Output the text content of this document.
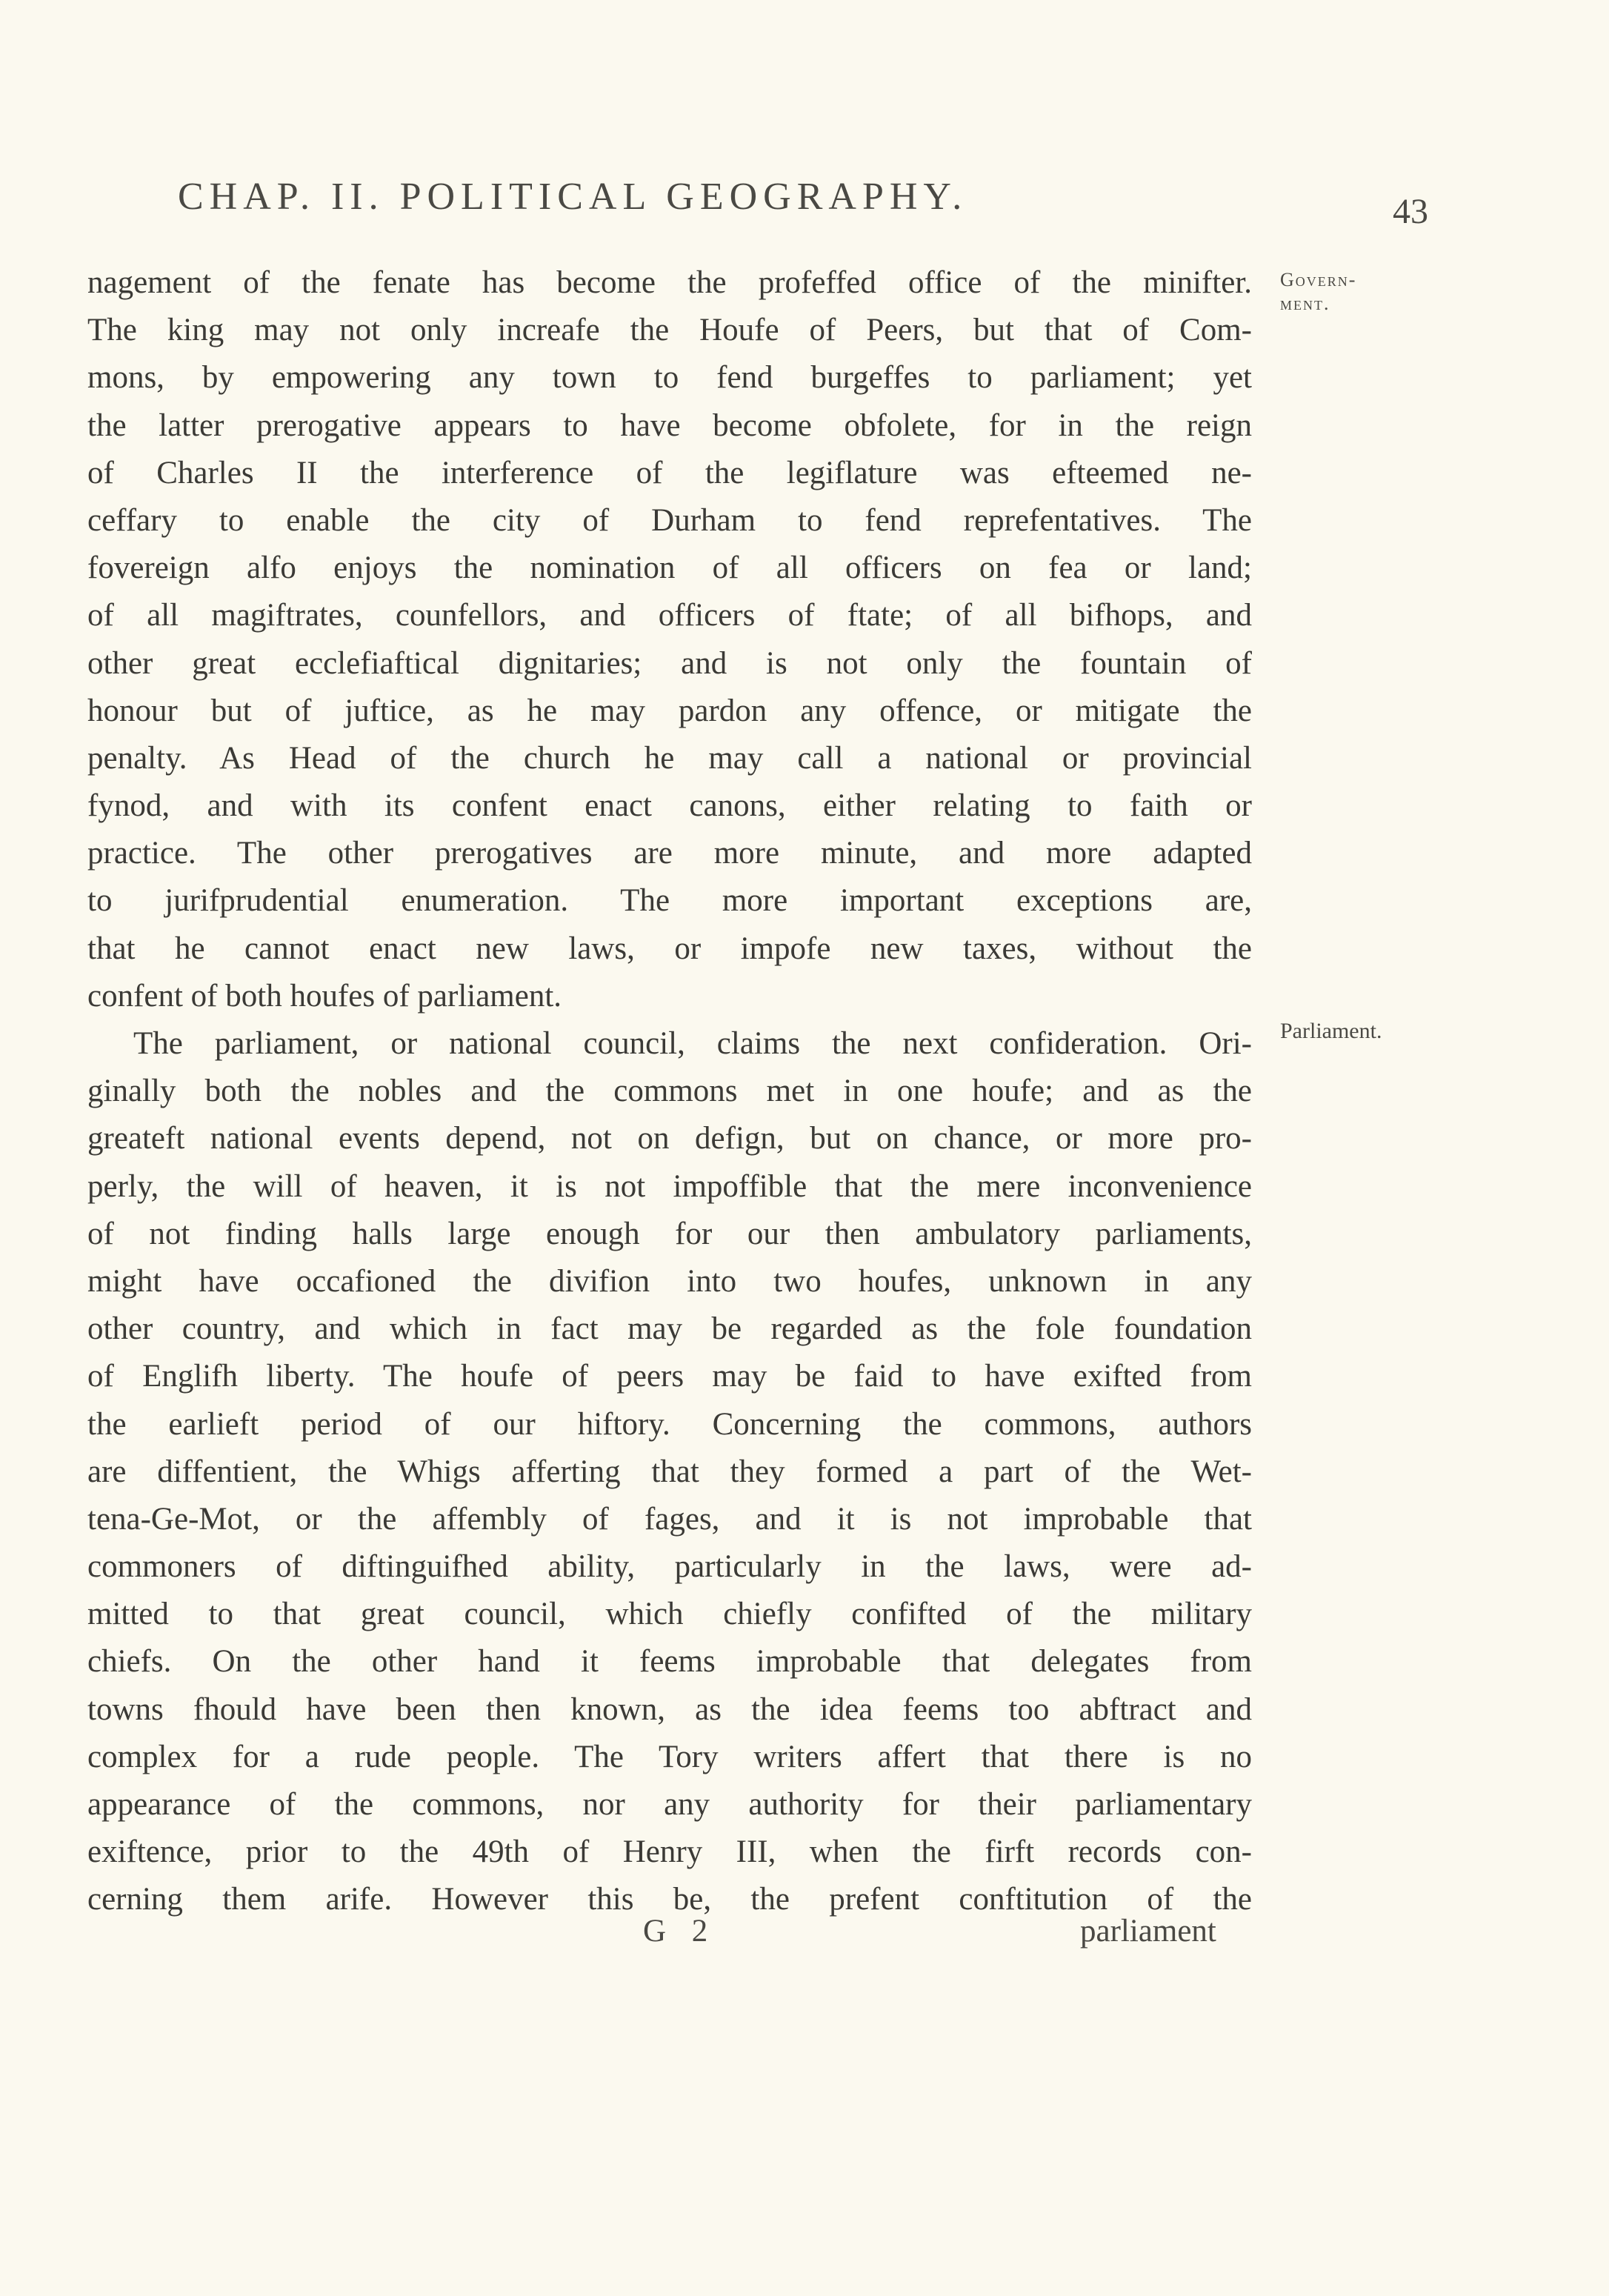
CHAP. II. POLITICAL GEOGRAPHY.	43
Govern-
ment.
Parliament.
nagement of the fenate has become the profeffed office of the minifter.
The king may not only increafe the Houfe of Peers, but that of Com-
mons, by empowering any town to fend burgeffes to parliament; yet
the latter prerogative appears to have become obfolete, for in the reign
of Charles II the interference of the legiflature was efteemed ne-
ceffary to enable the city of Durham to fend reprefentatives. The
fovereign alfo enjoys the nomination of all officers on fea or land;
of all magiftrates, counfellors, and officers of ftate; of all bifhops, and
other great ecclefiaftical dignitaries; and is not only the fountain of
honour but of juftice, as he may pardon any offence, or mitigate the
penalty. As Head of the church he may call a national or provincial
fynod, and with its confent enact canons, either relating to faith or
practice. The other prerogatives are more minute, and more adapted
to jurifprudential enumeration. The more important exceptions are,
that he cannot enact new laws, or impofe new taxes, without the
confent of both houfes of parliament.
The parliament, or national council, claims the next confideration. Ori-
ginally both the nobles and the commons met in one houfe; and as the
greateft national events depend, not on defign, but on chance, or more pro-
perly, the will of heaven, it is not impoffible that the mere inconvenience
of not finding halls large enough for our then ambulatory parliaments,
might have occafioned the divifion into two houfes, unknown in any
other country, and which in fact may be regarded as the fole foundation
of Englifh liberty. The houfe of peers may be faid to have exifted from
the earlieft period of our hiftory. Concerning the commons, authors
are diffentient, the Whigs afferting that they formed a part of the Wet-
tena-Ge-Mot, or the affembly of fages, and it is not improbable that
commoners of diftinguifhed ability, particularly in the laws, were ad-
mitted to that great council, which chiefly confifted of the military
chiefs. On the other hand it feems improbable that delegates from
towns fhould have been then known, as the idea feems too abftract and
complex for a rude people. The Tory writers affert that there is no
appearance of the commons, nor any authority for their parliamentary
exiftence, prior to the 49th of Henry III, when the firft records con-
cerning them arife. However this be, the prefent conftitution of the
G 2	parliament
